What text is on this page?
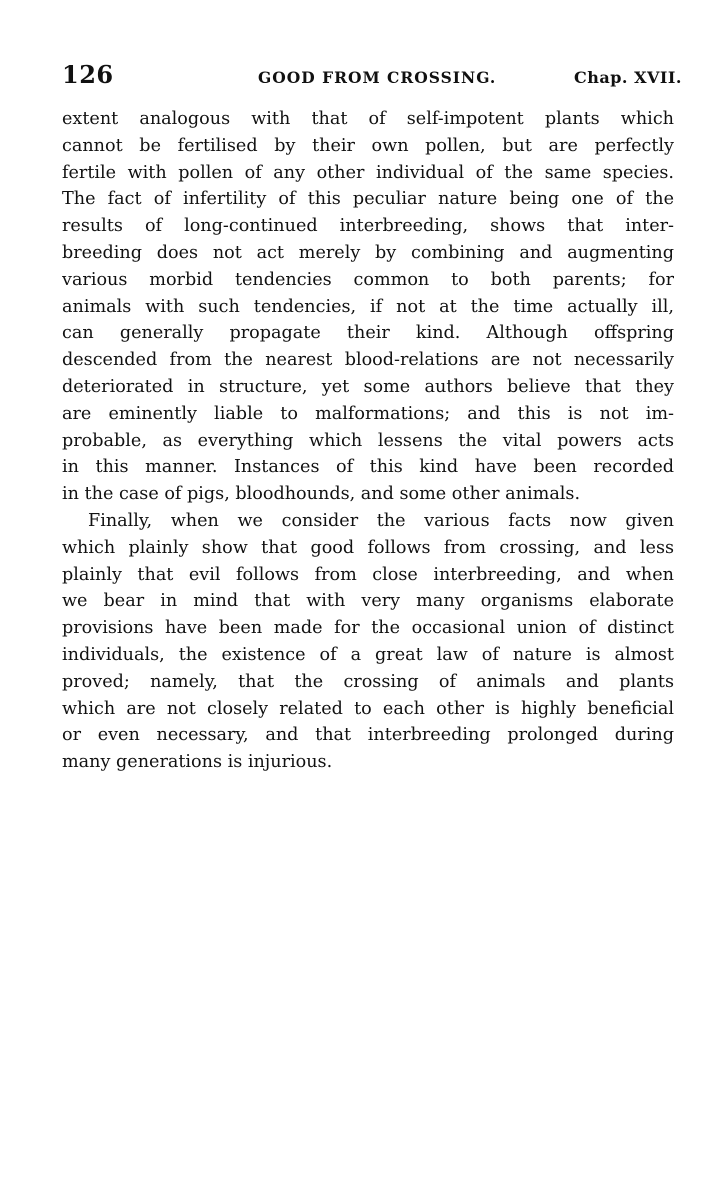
126	GOOD FROM CROSSING.	Chap. XVII.
extent analogous with that of self-impotent plants which
cannot be fertilised by their own pollen, but are perfectly
fertile with pollen of any other individual of the same species.
The fact of infertility of this peculiar nature being one of the
results of long-continued interbreeding, shows that inter-
breeding does not act merely by combining and augmenting
various morbid tendencies common to both parents; for
animals with such tendencies, if not at the time actually ill,
can generally propagate their kind. Although offspring
descended from the nearest blood-relations are not necessarily
deteriorated in structure, yet some authors believe that they
are eminently liable to malformations; and this is not im-
probable, as everything which lessens the vital powers acts
in this manner. Instances of this kind have been recorded
in the case of pigs, bloodhounds, and some other animals.
Finally, when we consider the various facts now given
which plainly show that good follows from crossing, and less
plainly that evil follows from close interbreeding, and when
we bear in mind that with very many organisms elaborate
provisions have been made for the occasional union of distinct
individuals, the existence of a great law of nature is almost
proved; namely, that the crossing of animals and plants
which are not closely related to each other is highly beneficial
or even necessary, and that interbreeding prolonged during
many generations is injurious.
